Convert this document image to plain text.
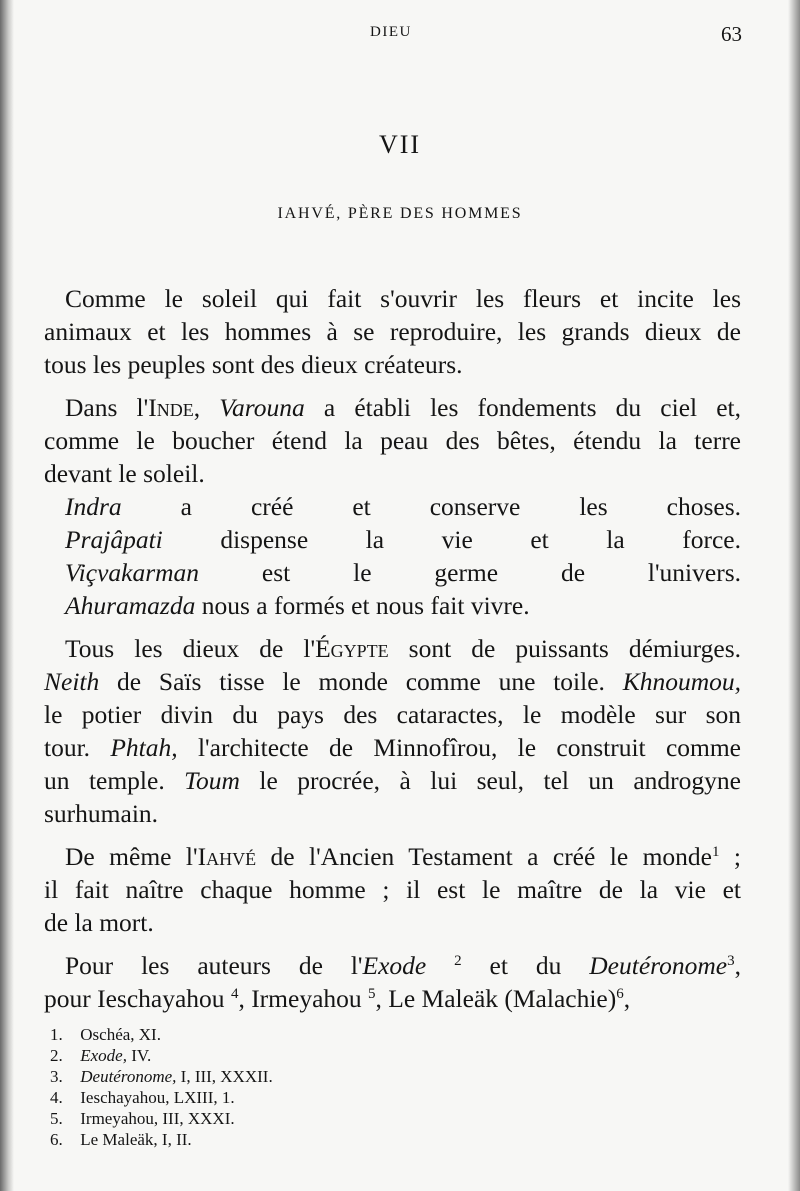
DIEU	63
VII
IAHVÉ, PÈRE DES HOMMES
Comme le soleil qui fait s'ouvrir les fleurs et incite les
animaux et les hommes à se reproduire, les grands dieux de
tous les peuples sont des dieux créateurs.
Dans l'Inde, Varouna a établi les fondements du ciel et,
comme le boucher étend la peau des bêtes, étendu la terre
devant le soleil.
Indra a créé et conserve les choses.
Prajâpati dispense la vie et la force.
Viçvakarman est le germe de l'univers.
Ahuramazda nous a formés et nous fait vivre.
Tous les dieux de l'Égypte sont de puissants démiurges.
Neith de Saïs tisse le monde comme une toile. Khnoumou,
le potier divin du pays des cataractes, le modèle sur son
tour. Phtah, l'architecte de Minnofîrou, le construit comme
un temple. Toum le procrée, à lui seul, tel un androgyne
surhumain.
De même l'Iahvé de l'Ancien Testament a créé le monde$^1$ ;
il fait naître chaque homme ; il est le maître de la vie et
de la mort.
Pour les auteurs de l'Exode $^2$ et du Deutéronome$^3$,
pour Ieschayahou $^4$, Irmeyahou $^5$, Le Maleäk (Malachie)$^6$,
1. Oschéa, XI.
2. Exode, IV.
3. Deutéronome, I, III, XXXII.
4. Ieschayahou, LXIII, 1.
5. Irmeyahou, III, XXXI.
6. Le Maleäk, I, II.
